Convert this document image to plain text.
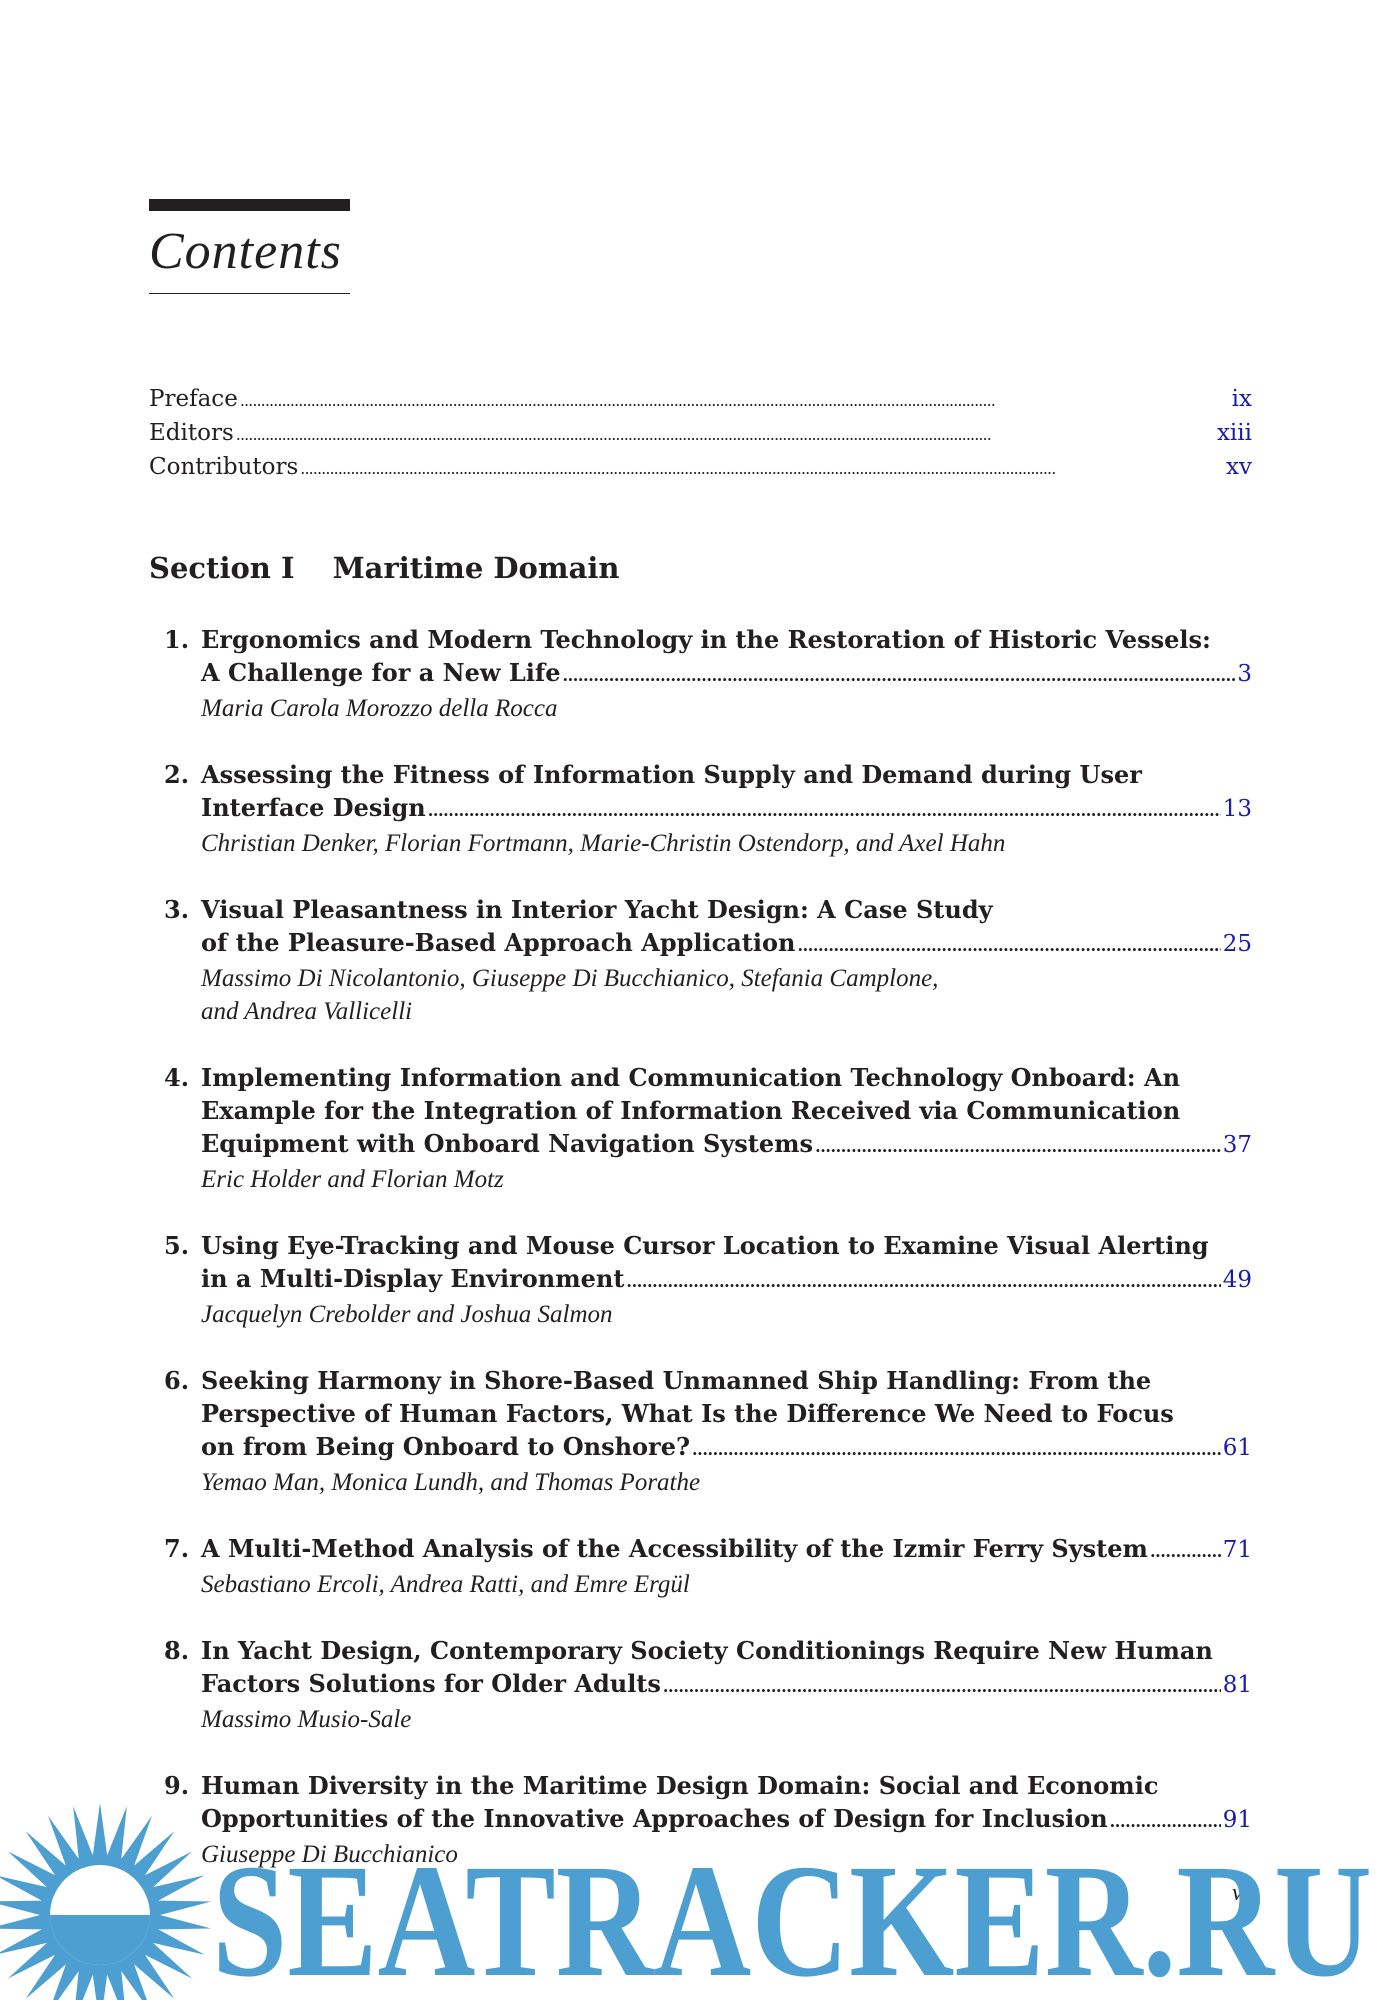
Contents
Preface . . .	ix
Editors . . .	xiii
Contributors . . .	xv
Section I Maritime Domain
1. Ergonomics and Modern Technology in the Restoration of Historic Vessels:
A Challenge for a New Life . . .	3
Maria Carola Morozzo della Rocca
2. Assessing the Fitness of Information Supply and Demand during User
Interface Design . . .	13
Christian Denker, Florian Fortmann, Marie-Christin Ostendorp, and Axel Hahn
3. Visual Pleasantness in Interior Yacht Design: A Case Study
of the Pleasure-Based Approach Application . . .	25
Massimo Di Nicolantonio, Giuseppe Di Bucchianico, Stefania Camplone,
and Andrea Vallicelli
4. Implementing Information and Communication Technology Onboard: An
Example for the Integration of Information Received via Communication
Equipment with Onboard Navigation Systems . . .	37
Eric Holder and Florian Motz
5. Using Eye-Tracking and Mouse Cursor Location to Examine Visual Alerting
in a Multi-Display Environment . . .	49
Jacquelyn Crebolder and Joshua Salmon
6. Seeking Harmony in Shore-Based Unmanned Ship Handling: From the
Perspective of Human Factors, What Is the Difference We Need to Focus
on from Being Onboard to Onshore? . . .	61
Yemao Man, Monica Lundh, and Thomas Porathe
7. A Multi-Method Analysis of the Accessibility of the Izmir Ferry System . . .	71
Sebastiano Ercoli, Andrea Ratti, and Emre Ergül
8. In Yacht Design, Contemporary Society Conditionings Require New Human
Factors Solutions for Older Adults . . .	81
Massimo Musio-Sale
9. Human Diversity in the Maritime Design Domain: Social and Economic
Opportunities of the Innovative Approaches of Design for Inclusion . . .	91
Giuseppe Di Bucchianico
v
SEATRACKER.RU
